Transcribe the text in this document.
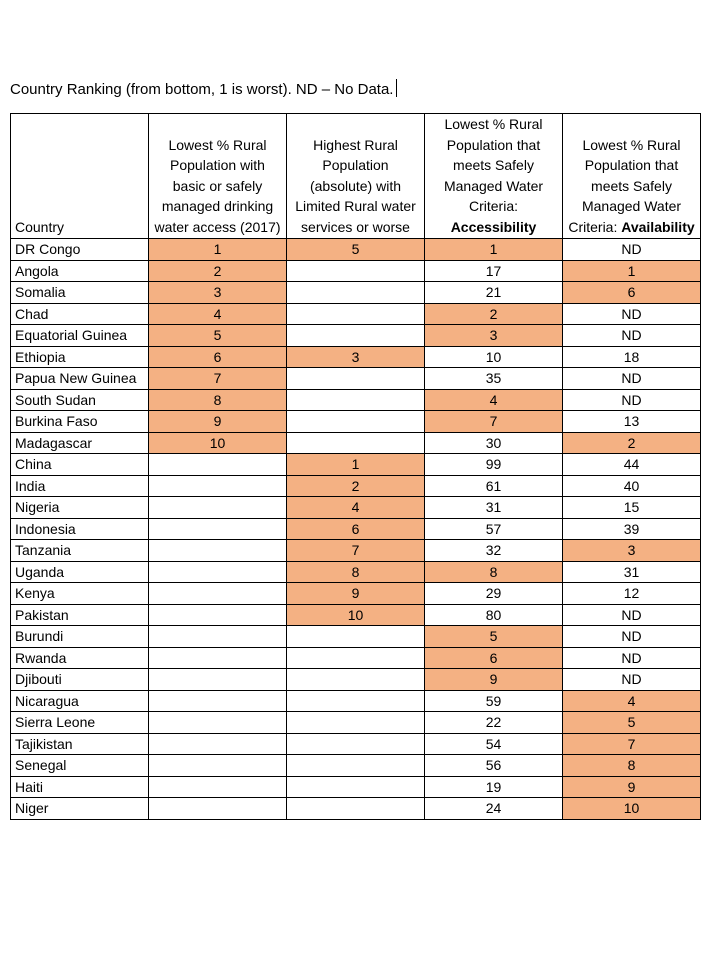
Country Ranking (from bottom, 1 is worst). ND – No Data.
Country	Lowest % Rural Population with basic or safely managed drinking water access (2017)	Highest Rural Population (absolute) with Limited Rural water services or worse	Lowest % Rural Population that meets Safely Managed Water Criteria: Accessibility	Lowest % Rural Population that meets Safely Managed Water Criteria: Availability
DR Congo	1	5	1	ND
Angola	2		17	1
Somalia	3		21	6
Chad	4		2	ND
Equatorial Guinea	5		3	ND
Ethiopia	6	3	10	18
Papua New Guinea	7		35	ND
South Sudan	8		4	ND
Burkina Faso	9		7	13
Madagascar	10		30	2
China		1	99	44
India		2	61	40
Nigeria		4	31	15
Indonesia		6	57	39
Tanzania		7	32	3
Uganda		8	8	31
Kenya		9	29	12
Pakistan		10	80	ND
Burundi			5	ND
Rwanda			6	ND
Djibouti			9	ND
Nicaragua			59	4
Sierra Leone			22	5
Tajikistan			54	7
Senegal			56	8
Haiti			19	9
Niger			24	10
